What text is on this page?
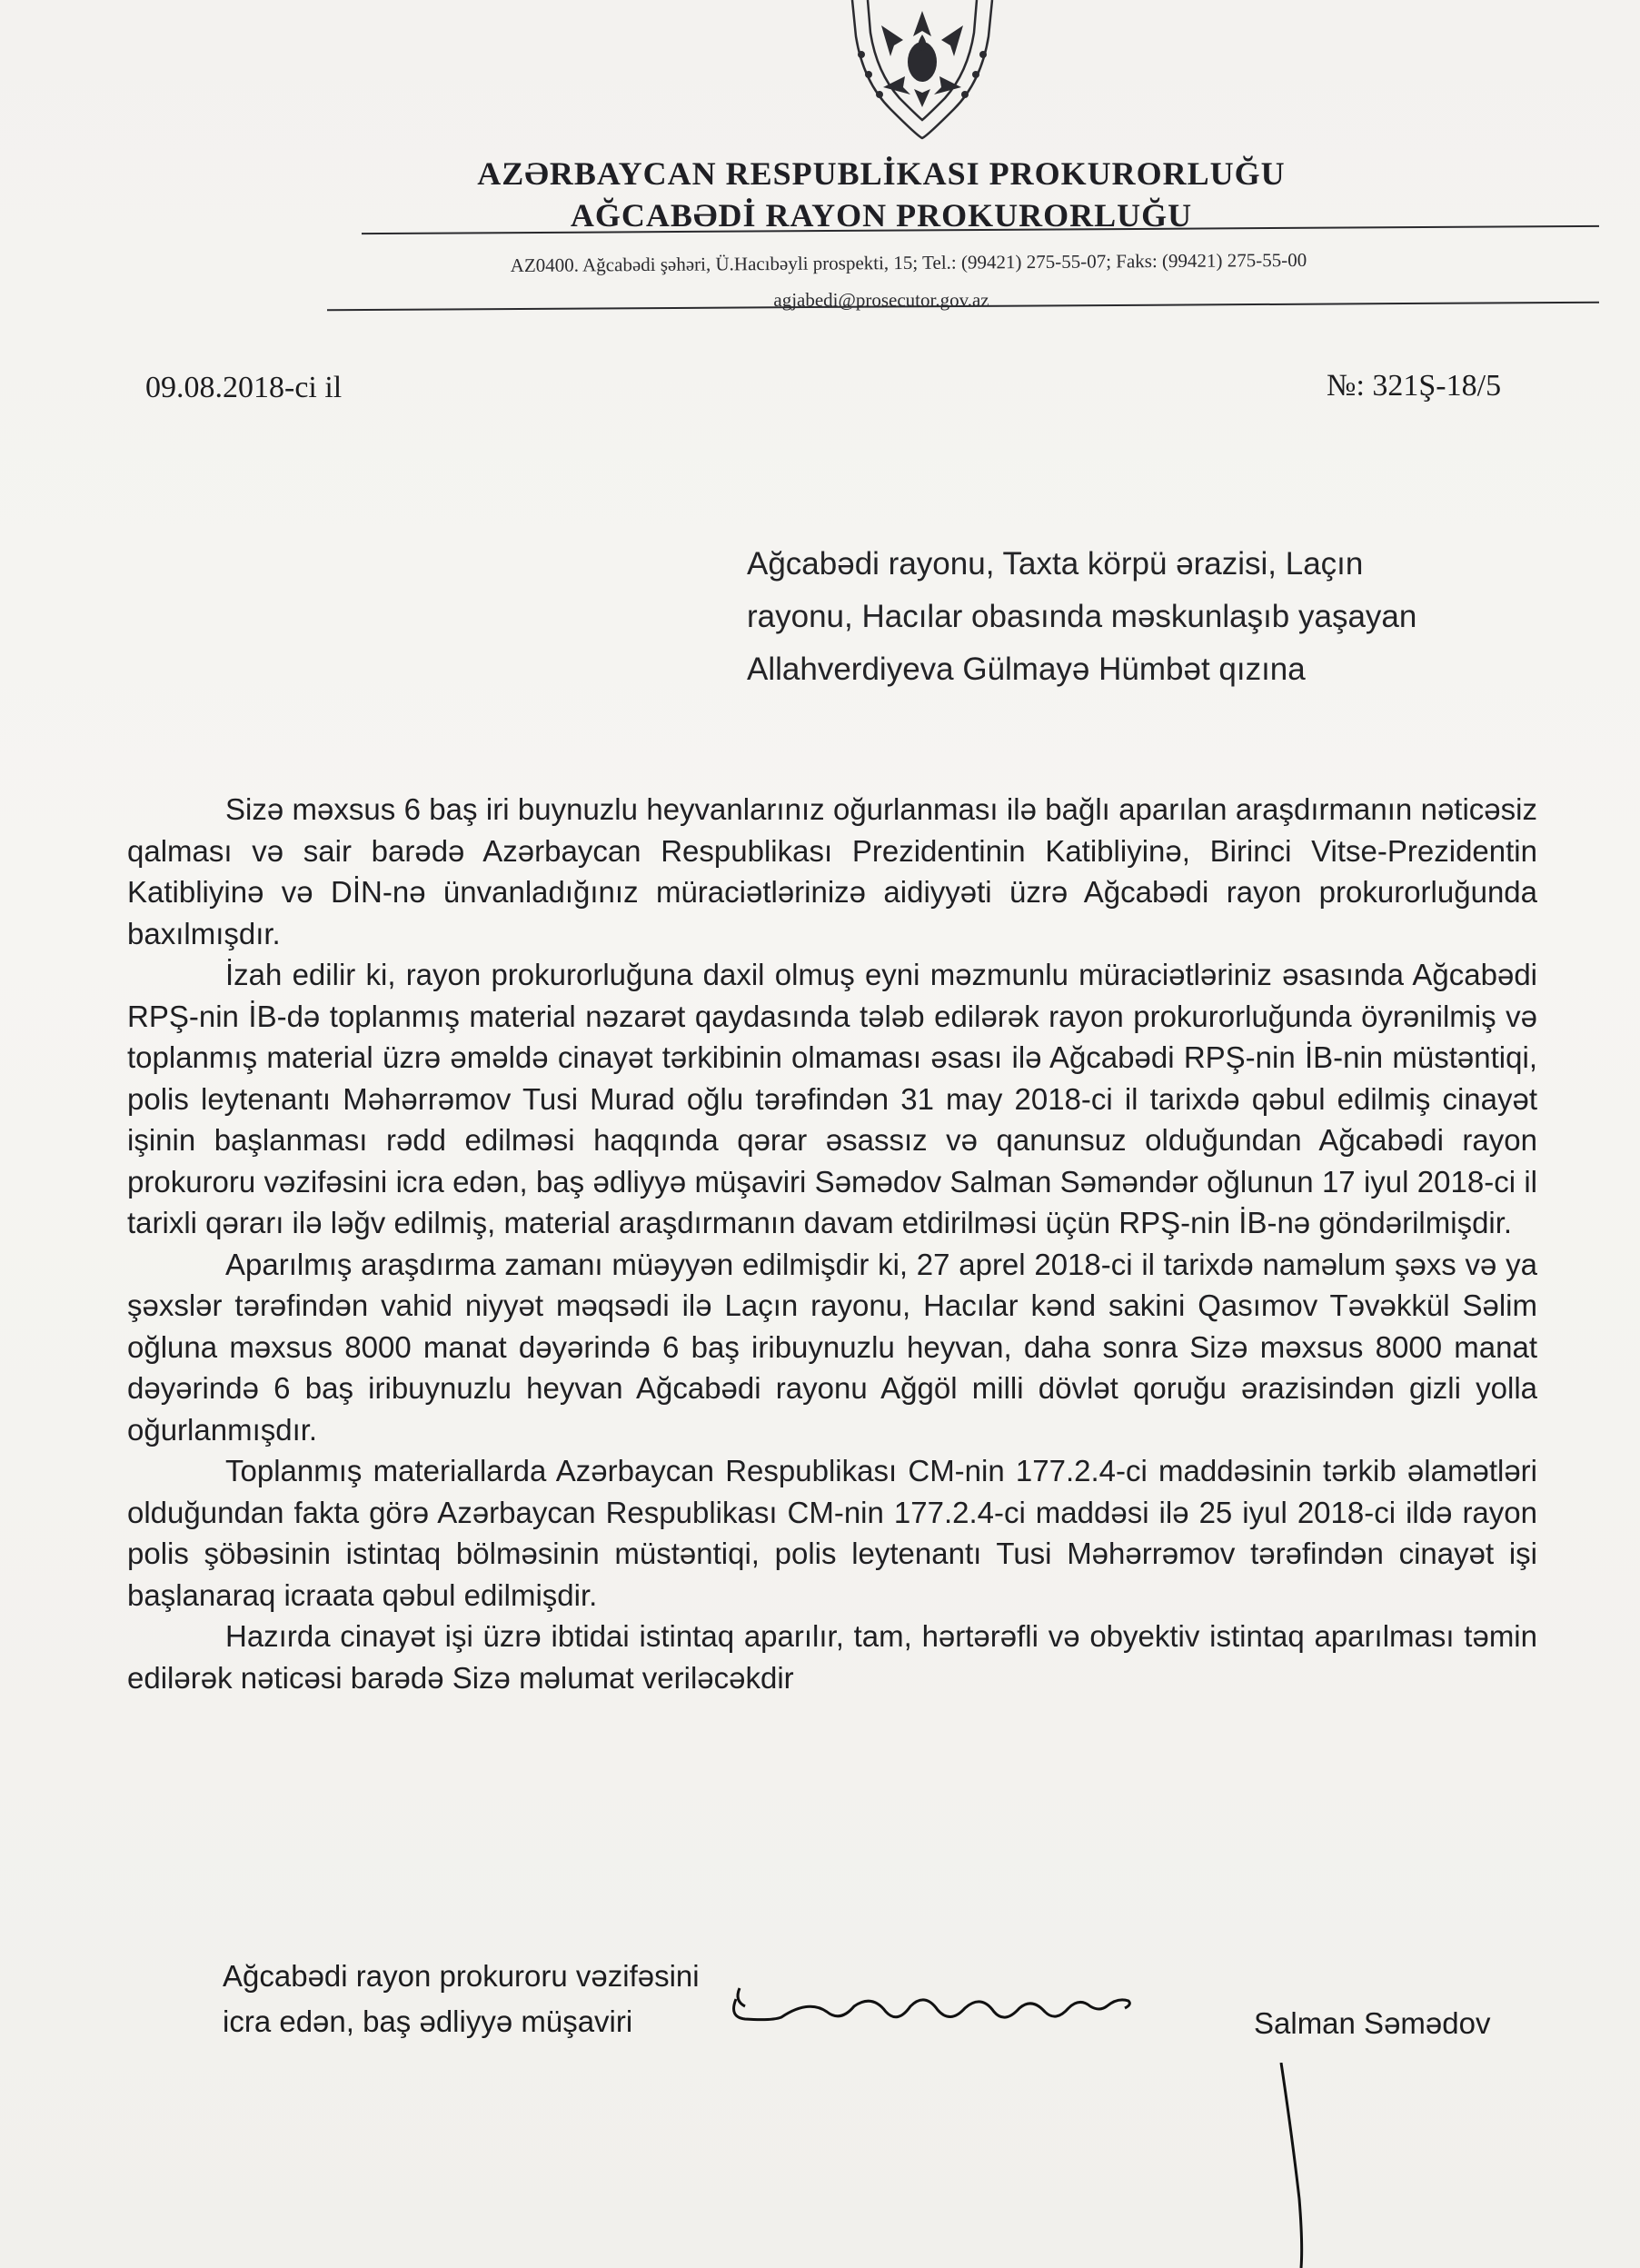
AZƏRBAYCAN RESPUBLİKASI PROKURORLUĞU
AĞCABƏDİ RAYON PROKURORLUĞU
AZ0400. Ağcabədi şəhəri, Ü.Hacıbəyli prospekti, 15; Tel.: (99421) 275-55-07; Faks: (99421) 275-55-00
agjabedi@prosecutor.gov.az
09.08.2018-ci il	№: 321Ş-18/5
Ağcabədi rayonu, Taxta körpü ərazisi, Laçın
rayonu, Hacılar obasında məskunlaşıb yaşayan
Allahverdiyeva Gülmayə Hümbət qızına

Sizə məxsus 6 baş iri buynuzlu heyvanlarınız oğurlanması ilə bağlı aparılan araşdırmanın nəticəsiz qalması və sair barədə Azərbaycan Respublikası Prezidentinin Katibliyinə, Birinci Vitse-Prezidentin Katibliyinə və DİN-nə ünvanladığınız müraciətlərinizə aidiyyəti üzrə Ağcabədi rayon prokurorluğunda baxılmışdır.

İzah edilir ki, rayon prokurorluğuna daxil olmuş eyni məzmunlu müraciətləriniz əsasında Ağcabədi RPŞ-nin İB-də toplanmış material nəzarət qaydasında tələb edilərək rayon prokurorluğunda öyrənilmiş və toplanmış material üzrə əməldə cinayət tərkibinin olmaması əsası ilə Ağcabədi RPŞ-nin İB-nin müstəntiqi, polis leytenantı Məhərrəmov Tusi Murad oğlu tərəfindən 31 may 2018-ci il tarixdə qəbul edilmiş cinayət işinin başlanması rədd edilməsi haqqında qərar əsassız və qanunsuz olduğundan Ağcabədi rayon prokuroru vəzifəsini icra edən, baş ədliyyə müşaviri Səmədov Salman Səməndər oğlunun 17 iyul 2018-ci il tarixli qərarı ilə ləğv edilmiş, material araşdırmanın davam etdirilməsi üçün RPŞ-nin İB-nə göndərilmişdir.

Aparılmış araşdırma zamanı müəyyən edilmişdir ki, 27 aprel 2018-ci il tarixdə naməlum şəxs və ya şəxslər tərəfindən vahid niyyət məqsədi ilə Laçın rayonu, Hacılar kənd sakini Qasımov Təvəkkül Səlim oğluna məxsus 8000 manat dəyərində 6 baş iribuynuzlu heyvan, daha sonra Sizə məxsus 8000 manat dəyərində 6 baş iribuynuzlu heyvan Ağcabədi rayonu Ağgöl milli dövlət qoruğu ərazisindən gizli yolla oğurlanmışdır.

Toplanmış materiallarda Azərbaycan Respublikası CM-nin 177.2.4-ci maddəsinin tərkib əlamətləri olduğundan fakta görə Azərbaycan Respublikası CM-nin 177.2.4-ci maddəsi ilə 25 iyul 2018-ci ildə rayon polis şöbəsinin istintaq bölməsinin müstəntiqi, polis leytenantı Tusi Məhərrəmov tərəfindən cinayət işi başlanaraq icraata qəbul edilmişdir.

Hazırda cinayət işi üzrə ibtidai istintaq aparılır, tam, hərtərəfli və obyektiv istintaq aparılması təmin edilərək nəticəsi barədə Sizə məlumat veriləcəkdir

Ağcabədi rayon prokuroru vəzifəsini
icra edən, baş ədliyyə müşaviri	Salman Səmədov
